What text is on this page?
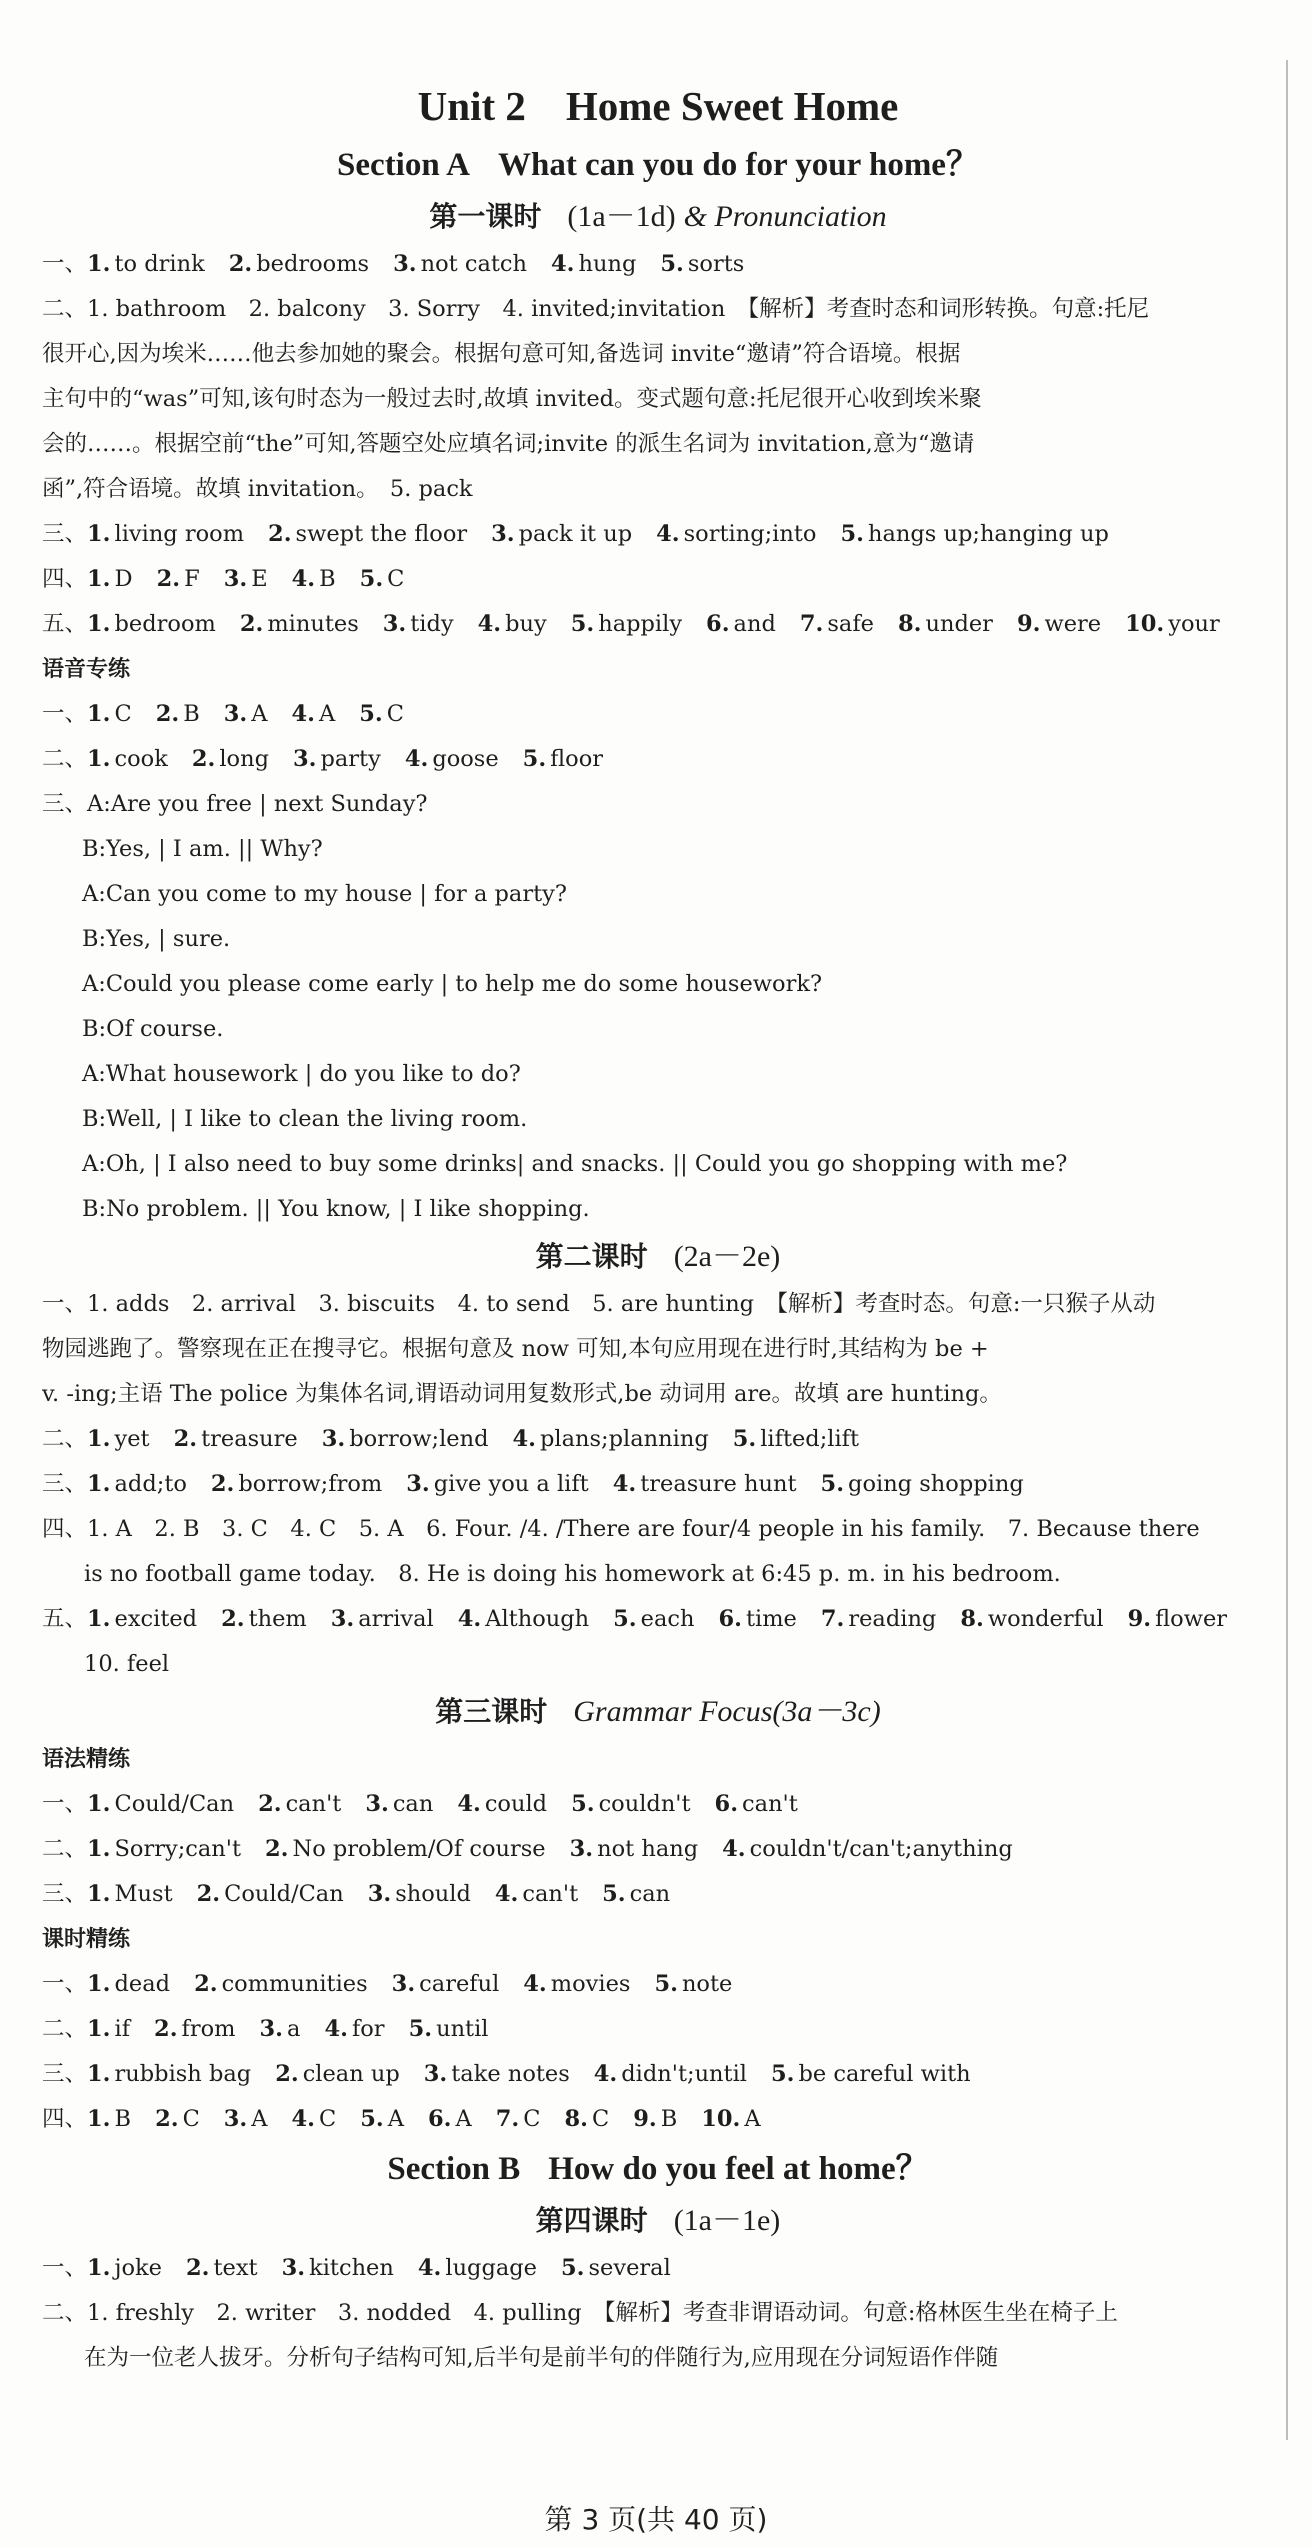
Unit 2 Home Sweet Home
Section A What can you do for your home？
第一课时 (1a－1d) & Pronunciation
一、1. to drink 2. bedrooms 3. not catch 4. hung 5. sorts
二、1. bathroom　2. balcony　3. Sorry　4. invited;invitation　【解析】考查时态和词形转换。句意:托尼
很开心,因为埃米……他去参加她的聚会。根据句意可知,备选词 invite“邀请”符合语境。根据
主句中的“was”可知,该句时态为一般过去时,故填 invited。变式题句意:托尼很开心收到埃米聚
会的……。根据空前“the”可知,答题空处应填名词;invite 的派生名词为 invitation,意为“邀请
函”,符合语境。故填 invitation。　5. pack
三、1. living room 2. swept the floor 3. pack it up 4. sorting;into 5. hangs up;hanging up
四、1. D 2. F 3. E 4. B 5. C
五、1. bedroom 2. minutes 3. tidy 4. buy 5. happily 6. and 7. safe 8. under 9. were 10. your
语音专练
一、1. C 2. B 3. A 4. A 5. C
二、1. cook 2. long 3. party 4. goose 5. floor
三、A:Are you free | next Sunday?
B:Yes, | I am. || Why?
A:Can you come to my house | for a party?
B:Yes, | sure.
A:Could you please come early | to help me do some housework?
B:Of course.
A:What housework | do you like to do?
B:Well, | I like to clean the living room.
A:Oh, | I also need to buy some drinks| and snacks. || Could you go shopping with me?
B:No problem. || You know, | I like shopping.
第二课时 (2a－2e)
一、1. adds　2. arrival　3. biscuits　4. to send　5. are hunting　【解析】考查时态。句意:一只猴子从动
物园逃跑了。警察现在正在搜寻它。根据句意及 now 可知,本句应用现在进行时,其结构为 be +
v. -ing;主语 The police 为集体名词,谓语动词用复数形式,be 动词用 are。故填 are hunting。
二、1. yet 2. treasure 3. borrow;lend 4. plans;planning 5. lifted;lift
三、1. add;to 2. borrow;from 3. give you a lift 4. treasure hunt 5. going shopping
四、1. A　2. B　3. C　4. C　5. A　6. Four. /4. /There are four/4 people in his family.　7. Because there
is no football game today.　8. He is doing his homework at 6:45 p. m. in his bedroom.
五、1. excited 2. them 3. arrival 4. Although 5. each 6. time 7. reading 8. wonderful 9. flower
10. feel
第三课时 Grammar Focus(3a－3c)
语法精练
一、1. Could/Can 2. can't 3. can 4. could 5. couldn't 6. can't
二、1. Sorry;can't 2. No problem/Of course 3. not hang 4. couldn't/can't;anything
三、1. Must 2. Could/Can 3. should 4. can't 5. can
课时精练
一、1. dead 2. communities 3. careful 4. movies 5. note
二、1. if 2. from 3. a 4. for 5. until
三、1. rubbish bag 2. clean up 3. take notes 4. didn't;until 5. be careful with
四、1. B 2. C 3. A 4. C 5. A 6. A 7. C 8. C 9. B 10. A
Section B How do you feel at home？
第四课时 (1a－1e)
一、1. joke 2. text 3. kitchen 4. luggage 5. several
二、1. freshly　2. writer　3. nodded　4. pulling　【解析】考查非谓语动词。句意:格林医生坐在椅子上
在为一位老人拔牙。分析句子结构可知,后半句是前半句的伴随行为,应用现在分词短语作伴随
第 3 页(共 40 页)
